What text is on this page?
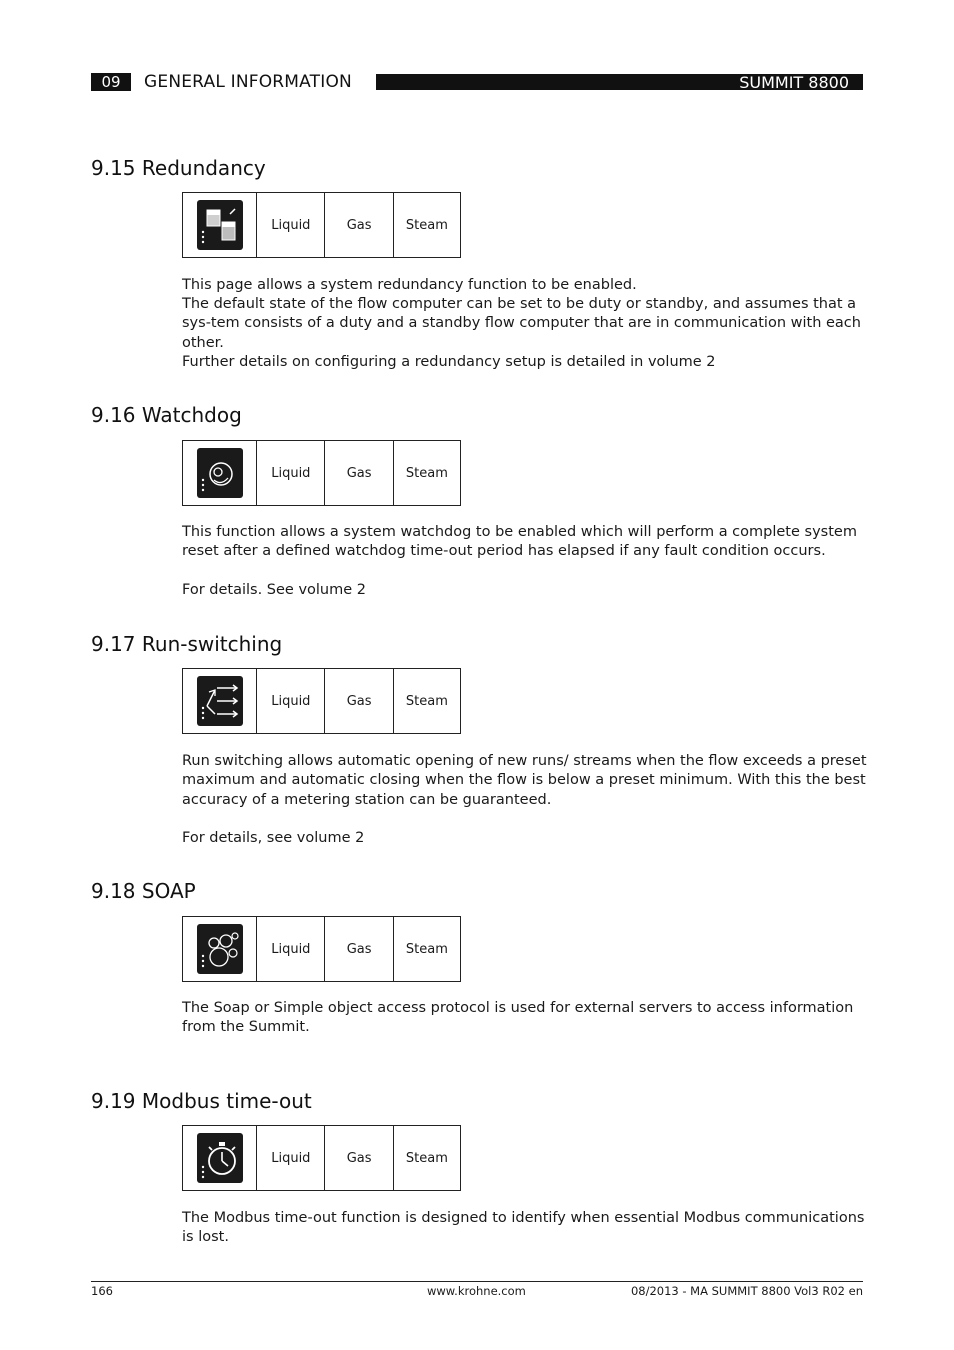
09	GENERAL INFORMATION	SUMMIT 8800
9.15 Redundancy
Liquid	Gas	Steam

This page allows a system redundancy function to be enabled.

The default state of the flow computer can be set to be duty or standby, and assumes that a sys-tem consists of a duty and a standby flow computer that are in communication with each other.

Further details on configuring a redundancy setup is detailed in volume 2

9.16 Watchdog
Liquid	Gas	Steam

This function allows a system watchdog to be enabled which will perform a complete system reset after a defined watchdog time-out period has elapsed if any fault condition occurs.

For details. See volume 2

9.17 Run-switching
Liquid	Gas	Steam

Run switching allows automatic opening of new runs/ streams when the flow exceeds a preset maximum and automatic closing when the flow is below a preset minimum. With this the best accuracy of a metering station can be guaranteed.

For details, see volume 2

9.18 SOAP
Liquid	Gas	Steam

The Soap or Simple object access protocol is used for external servers to access information from the Summit.

9.19 Modbus time-out
Liquid	Gas	Steam

The Modbus time-out function is designed to identify when essential Modbus communications is lost.

166	www.krohne.com	08/2013 - MA SUMMIT 8800 Vol3 R02 en
